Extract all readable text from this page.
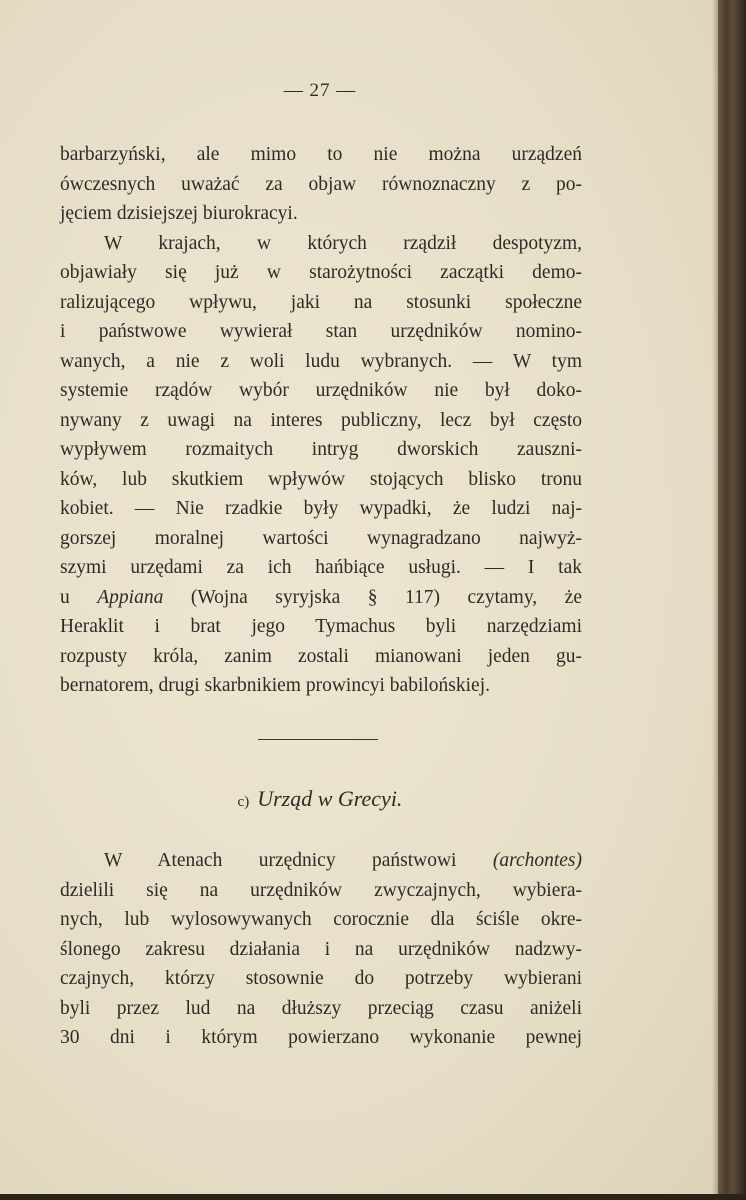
— 27 —
barbarzyński, ale mimo to nie można urządzeń
ówczesnych uważać za objaw równoznaczny z po-
jęciem dzisiejszej biurokracyi.
W krajach, w których rządził despotyzm,
objawiały się już w starożytności zaczątki demo-
ralizującego wpływu, jaki na stosunki społeczne
i państwowe wywierał stan urzędników nomino-
wanych, a nie z woli ludu wybranych. — W tym
systemie rządów wybór urzędników nie był doko-
nywany z uwagi na interes publiczny, lecz był często
wypływem rozmaitych intryg dworskich zauszni-
ków, lub skutkiem wpływów stojących blisko tronu
kobiet. — Nie rzadkie były wypadki, że ludzi naj-
gorszej moralnej wartości wynagradzano najwyż-
szymi urzędami za ich hańbiące usługi. — I tak
u Appiana (Wojna syryjska § 117) czytamy, że
Heraklit i brat jego Tymachus byli narzędziami
rozpusty króla, zanim zostali mianowani jeden gu-
bernatorem, drugi skarbnikiem prowincyi babilońskiej.
c) Urząd w Grecyi.
W Atenach urzędnicy państwowi (archontes)
dzielili się na urzędników zwyczajnych, wybiera-
nych, lub wylosowywanych corocznie dla ściśle okre-
ślonego zakresu działania i na urzędników nadzwy-
czajnych, którzy stosownie do potrzeby wybierani
byli przez lud na dłuższy przeciąg czasu aniżeli
30 dni i którym powierzano wykonanie pewnej
